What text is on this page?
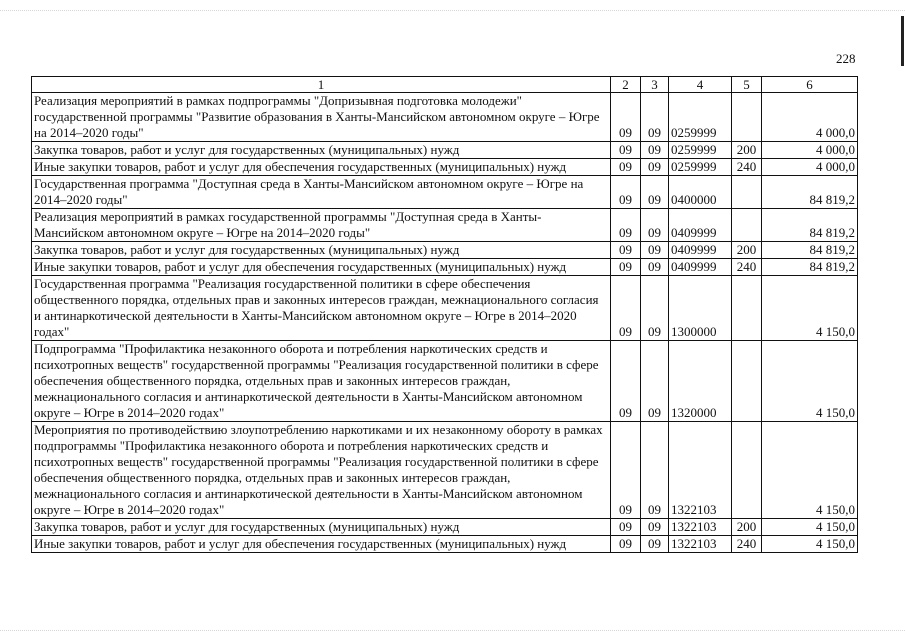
228
1	2	3	4	5	6
Реализация мероприятий в рамках подпрограммы "Допризывная подготовка молодежи" государственной программы "Развитие образования в Ханты-Мансийском автономном округе – Югре на 2014–2020 годы"	09	09	0259999		4 000,0
Закупка товаров, работ и услуг для государственных (муниципальных) нужд	09	09	0259999	200	4 000,0
Иные закупки товаров, работ и услуг для обеспечения государственных (муниципальных) нужд	09	09	0259999	240	4 000,0
Государственная программа "Доступная среда в Ханты-Мансийском автономном округе – Югре на 2014–2020 годы"	09	09	0400000		84 819,2
Реализация мероприятий в рамках государственной программы "Доступная среда в Ханты-Мансийском автономном округе – Югре на 2014–2020 годы"	09	09	0409999		84 819,2
Закупка товаров, работ и услуг для государственных (муниципальных) нужд	09	09	0409999	200	84 819,2
Иные закупки товаров, работ и услуг для обеспечения государственных (муниципальных) нужд	09	09	0409999	240	84 819,2
Государственная программа "Реализация государственной политики в сфере обеспечения общественного порядка, отдельных прав и законных интересов граждан, межнационального согласия и антинаркотической деятельности в Ханты-Мансийском автономном округе – Югре в 2014–2020 годах"	09	09	1300000		4 150,0
Подпрограмма "Профилактика незаконного оборота и потребления наркотических средств и психотропных веществ" государственной программы "Реализация государственной политики в сфере обеспечения общественного порядка, отдельных прав и законных интересов граждан, межнационального согласия и антинаркотической деятельности в Ханты-Мансийском автономном округе – Югре в 2014–2020 годах"	09	09	1320000		4 150,0
Мероприятия по противодействию злоупотреблению наркотиками и их незаконному обороту в рамках подпрограммы "Профилактика незаконного оборота и потребления наркотических средств и психотропных веществ" государственной программы "Реализация государственной политики в сфере обеспечения общественного порядка, отдельных прав и законных интересов граждан, межнационального согласия и антинаркотической деятельности в Ханты-Мансийском автономном округе – Югре в 2014–2020 годах"	09	09	1322103		4 150,0
Закупка товаров, работ и услуг для государственных (муниципальных) нужд	09	09	1322103	200	4 150,0
Иные закупки товаров, работ и услуг для обеспечения государственных (муниципальных) нужд	09	09	1322103	240	4 150,0
